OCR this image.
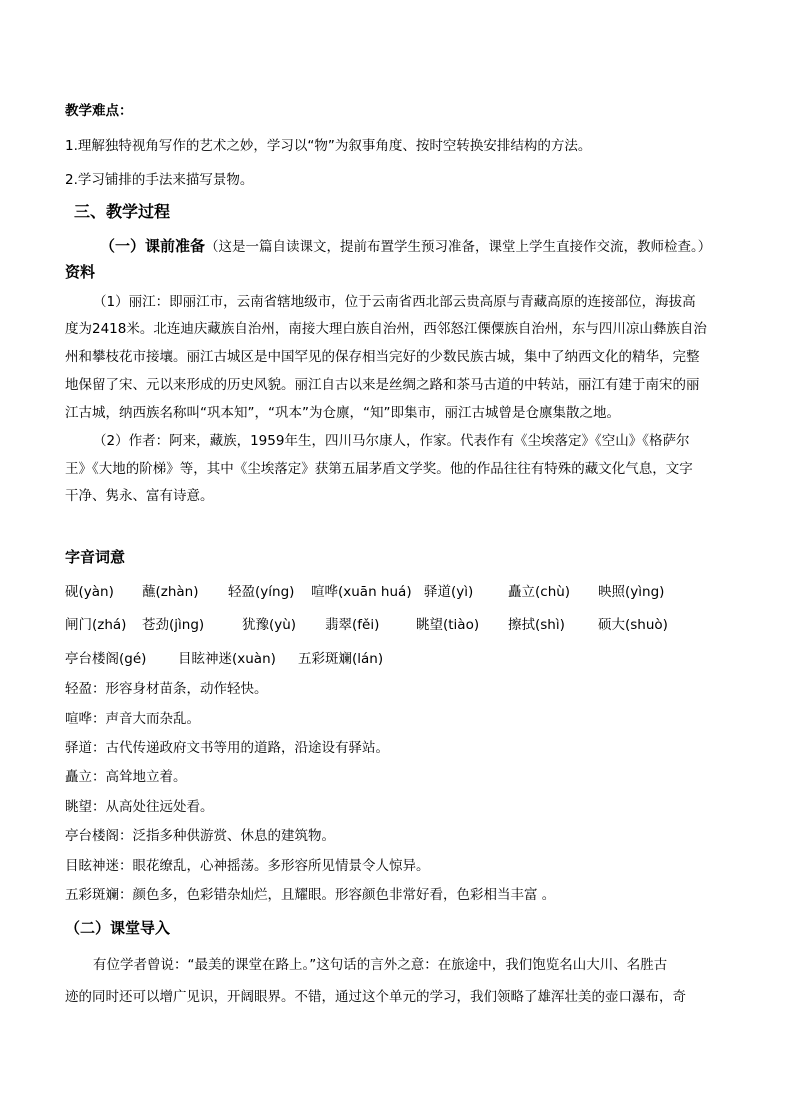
教学难点：
1.理解独特视角写作的艺术之妙，学习以“物”为叙事角度、按时空转换安排结构的方法。
2.学习铺排的手法来描写景物。
三、教学过程
（一）课前准备（这是一篇自读课文，提前布置学生预习准备，课堂上学生直接作交流，教师检查。）
资料
（1）丽江：即丽江市，云南省辖地级市，位于云南省西北部云贵高原与青藏高原的连接部位，海拔高
度为2418米。北连迪庆藏族自治州，南接大理白族自治州，西邻怒江傈僳族自治州，东与四川凉山彝族自治
州和攀枝花市接壤。丽江古城区是中国罕见的保存相当完好的少数民族古城，集中了纳西文化的精华，完整
地保留了宋、元以来形成的历史风貌。丽江自古以来是丝绸之路和茶马古道的中转站，丽江有建于南宋的丽
江古城，纳西族名称叫“巩本知”，“巩本”为仓廪，“知”即集市，丽江古城曾是仓廪集散之地。
（2）作者：阿来，藏族，1959年生，四川马尔康人，作家。代表作有《尘埃落定》《空山》《格萨尔
王》《大地的阶梯》等，其中《尘埃落定》获第五届茅盾文学奖。他的作品往往有特殊的藏文化气息，文字
干净、隽永、富有诗意。
字音词意
砚(yàn) 蘸(zhàn) 轻盈(yíng) 喧哗(xuān huá) 驿道(yì)	矗立(chù) 映照(yìng)
闸门(zhá) 苍劲(jìng)	犹豫(yù) 翡翠(fěi)	眺望(tiào) 擦拭(shì) 硕大(shuò)
亭台楼阁(gé) 目眩神迷(xuàn) 五彩斑斓(lán)
轻盈：形容身材苗条，动作轻快。
喧哗：声音大而杂乱。
驿道：古代传递政府文书等用的道路，沿途设有驿站。
矗立：高耸地立着。
眺望：从高处往远处看。
亭台楼阁：泛指多种供游赏、休息的建筑物。
目眩神迷：眼花缭乱，心神摇荡。多形容所见情景令人惊异。
五彩斑斓：颜色多，色彩错杂灿烂，且耀眼。形容颜色非常好看，色彩相当丰富 。
（二）课堂导入
有位学者曾说：“最美的课堂在路上。”这句话的言外之意：在旅途中，我们饱览名山大川、名胜古
迹的同时还可以增广见识，开阔眼界。不错，通过这个单元的学习，我们领略了雄浑壮美的壶口瀑布，奇
